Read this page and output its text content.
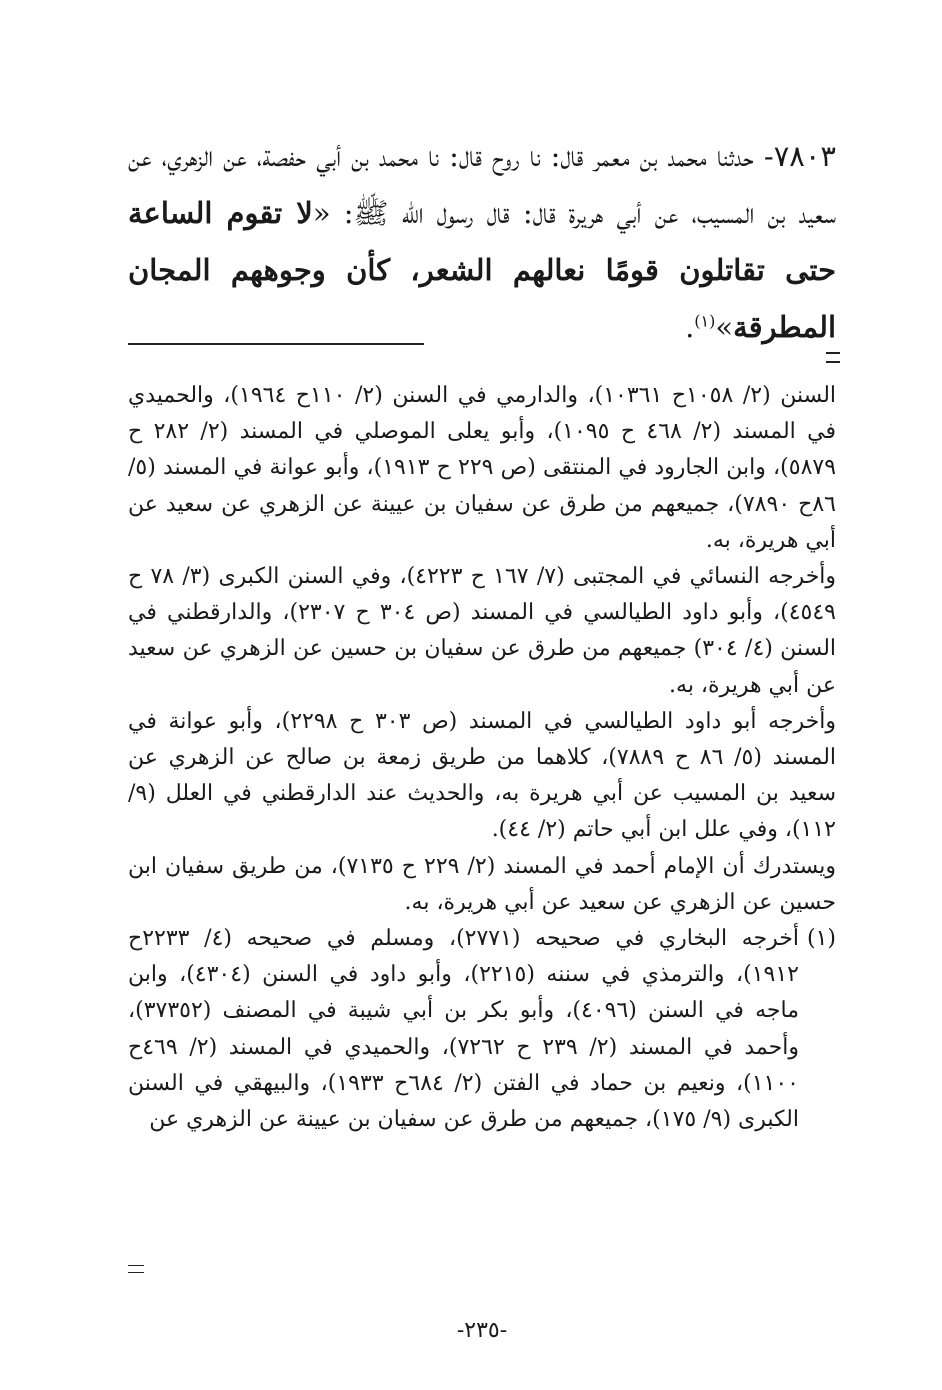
٧٨٠٣- حدثنا محمد بن معمر قال: نا روح قال: نا محمد بن أبي حفصة، عن الزهري، عن سعيد بن المسيب، عن أبي هريرة قال: قال رسول الله ﷺ: «لا تقوم الساعة حتى تقاتلون قومًا نعالهم الشعر، كأن وجوههم المجان المطرقة»$^{(١)}$.

السنن (٢/ ١٠٥٨ح ١٠٣٦١)، والدارمي في السنن (٢/ ١١٠ح ١٩٦٤)، والحميدي في المسند (٢/ ٤٦٨ ح ١٠٩٥)، وأبو يعلى الموصلي في المسند (٢/ ٢٨٢ ح ٥٨٧٩)، وابن الجارود في المنتقى (ص ٢٢٩ ح ١٩١٣)، وأبو عوانة في المسند (٥/ ٨٦ح ٧٨٩٠)، جميعهم من طرق عن سفيان بن عيينة عن الزهري عن سعيد عن أبي هريرة، به.

وأخرجه النسائي في المجتبى (٧/ ١٦٧ ح ٤٢٢٣)، وفي السنن الكبرى (٣/ ٧٨ ح ٤٥٤٩)، وأبو داود الطيالسي في المسند (ص ٣٠٤ ح ٢٣٠٧)، والدارقطني في السنن (٤/ ٣٠٤) جميعهم من طرق عن سفيان بن حسين عن الزهري عن سعيد عن أبي هريرة، به.

وأخرجه أبو داود الطيالسي في المسند (ص ٣٠٣ ح ٢٢٩٨)، وأبو عوانة في المسند (٥/ ٨٦ ح ٧٨٨٩)، كلاهما من طريق زمعة بن صالح عن الزهري عن سعيد بن المسيب عن أبي هريرة به، والحديث عند الدارقطني في العلل (٩/ ١١٢)، وفي علل ابن أبي حاتم (٢/ ٤٤).

ويستدرك أن الإمام أحمد في المسند (٢/ ٢٢٩ ح ٧١٣٥)، من طريق سفيان ابن حسين عن الزهري عن سعيد عن أبي هريرة، به.

(١)
أخرجه البخاري في صحيحه (٢٧٧١)، ومسلم في صحيحه (٤/ ٢٢٣٣ح ١٩١٢)، والترمذي في سننه (٢٢١٥)، وأبو داود في السنن (٤٣٠٤)، وابن ماجه في السنن (٤٠٩٦)، وأبو بكر بن أبي شيبة في المصنف (٣٧٣٥٢)، وأحمد في المسند (٢/ ٢٣٩ ح ٧٢٦٢)، والحميدي في المسند (٢/ ٤٦٩ح ١١٠٠)، ونعيم بن حماد في الفتن (٢/ ٦٨٤ح ١٩٣٣)، والبيهقي في السنن الكبرى (٩/ ١٧٥)، جميعهم من طرق عن سفيان بن عيينة عن الزهري عن
-٢٣٥-
